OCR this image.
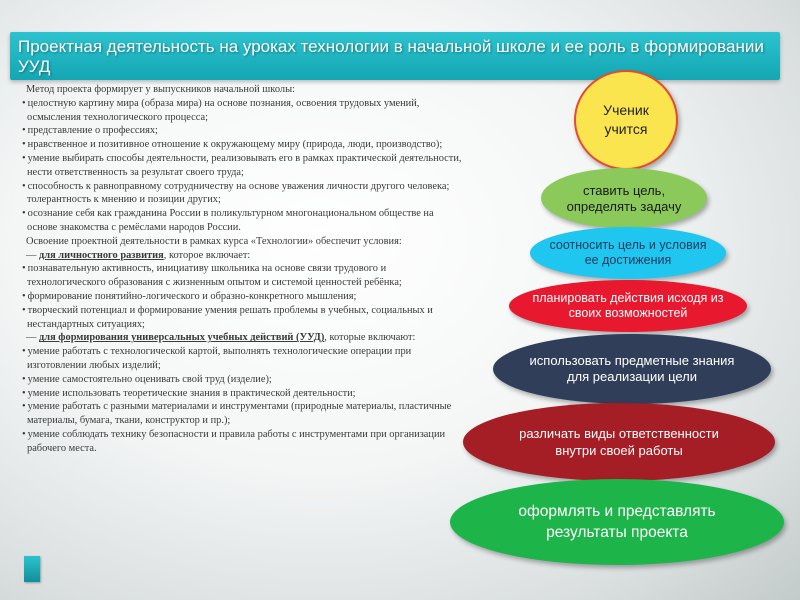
Проектная деятельность на уроках технологии в начальной школе и ее роль в формировании УУД

Метод проекта формирует у выпускников начальной школы:

• целостную картину мира (образа мира) на основе познания, освоения трудовых умений, осмысления технологического процесса;

• представление о профессиях;

• нравственное и позитивное отношение к окружающему миру (природа, люди, производство);

• умение выбирать способы деятельности, реализовывать его в рамках практической деятельности, нести ответственность за результат своего труда;

• способность к равноправному сотрудничеству на основе уважения личности другого человека; толерантность к мнению и позиции других;

• осознание себя как гражданина России в поликультурном многонациональном обществе на основе знакомства с ремёслами народов России.

Освоение проектной деятельности в рамках курса «Технологии» обеспечит условия:

— для личностного развития, которое включает:

• познавательную активность, инициативу школьника на основе связи трудового и технологического образования с жизненным опытом и системой ценностей ребёнка;

• формирование понятийно-логического и образно-конкретного мышления;

• творческий потенциал и формирование умения решать проблемы в учебных, социальных и нестандартных ситуациях;

— для формирования универсальных учебных действий (УУД), которые включают:

• умение работать с технологической картой, выполнять технологические операции при изготовлении любых изделий;

• умение самостоятельно оценивать свой труд (изделие);

• умение использовать теоретические знания в практической деятельности;

• умение работать с разными материалами и инструментами (природные материалы, пластичные материалы, бумага, ткани, конструктор и пр.);

• умение соблюдать технику безопасности и правила работы с инструментами при организации рабочего места.

Ученик учится
ставить цель, определять задачу
соотносить цель и условия ее достижения
планировать действия исходя из своих возможностей
использовать предметные знания для реализации цели
различать виды ответственности внутри своей работы
оформлять и представлять результаты проекта
